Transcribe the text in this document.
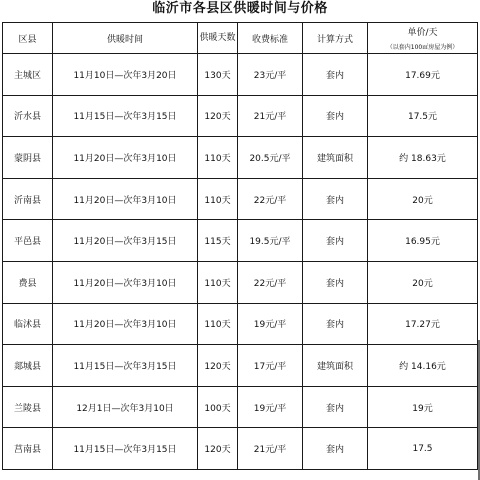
临沂市各县区供暖时间与价格
区县	供暖时间	供暖天数	收费标准	计算方式	单价/天
（以套内100㎡房屋为例）

主城区	11月10日—次年3月20日	130天	23元/平	套内	17.69元
沂水县	11月15日—次年3月15日	120天	21元/平	套内	17.5元
蒙阴县	11月20日—次年3月10日	110天	20.5元/平	建筑面积	约 18.63元
沂南县	11月20日—次年3月10日	110天	22元/平	套内	20元
平邑县	11月20日—次年3月15日	115天	19.5元/平	套内	16.95元
费县	11月20日—次年3月10日	110天	22元/平	套内	20元
临沭县	11月20日—次年3月10日	110天	19元/平	套内	17.27元
郯城县	11月15日—次年3月15日	120天	17元/平	建筑面积	约 14.16元
兰陵县	12月1日—次年3月10日	100天	19元/平	套内	19元
莒南县	11月15日—次年3月15日	120天	21元/平	套内	17.5
